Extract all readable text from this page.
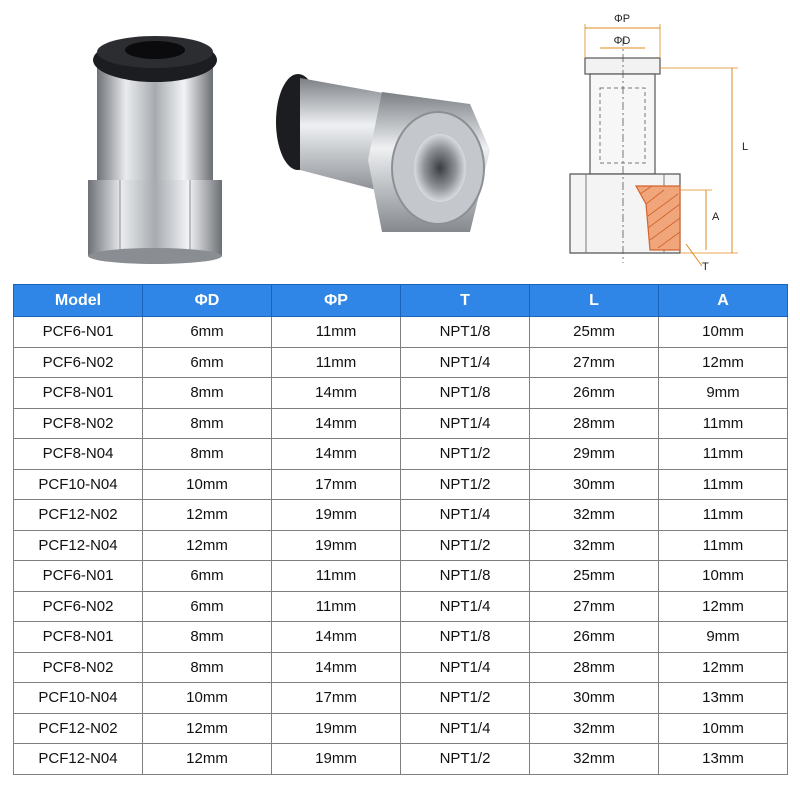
ΦP
ΦD
L
A
T
Model	ΦD	ΦP	T	L	A
PCF6-N01	6mm	11mm	NPT1/8	25mm	10mm
PCF6-N02	6mm	11mm	NPT1/4	27mm	12mm
PCF8-N01	8mm	14mm	NPT1/8	26mm	9mm
PCF8-N02	8mm	14mm	NPT1/4	28mm	11mm
PCF8-N04	8mm	14mm	NPT1/2	29mm	11mm
PCF10-N04	10mm	17mm	NPT1/2	30mm	11mm
PCF12-N02	12mm	19mm	NPT1/4	32mm	11mm
PCF12-N04	12mm	19mm	NPT1/2	32mm	11mm
PCF6-N01	6mm	11mm	NPT1/8	25mm	10mm
PCF6-N02	6mm	11mm	NPT1/4	27mm	12mm
PCF8-N01	8mm	14mm	NPT1/8	26mm	9mm
PCF8-N02	8mm	14mm	NPT1/4	28mm	12mm
PCF10-N04	10mm	17mm	NPT1/2	30mm	13mm
PCF12-N02	12mm	19mm	NPT1/4	32mm	10mm
PCF12-N04	12mm	19mm	NPT1/2	32mm	13mm
